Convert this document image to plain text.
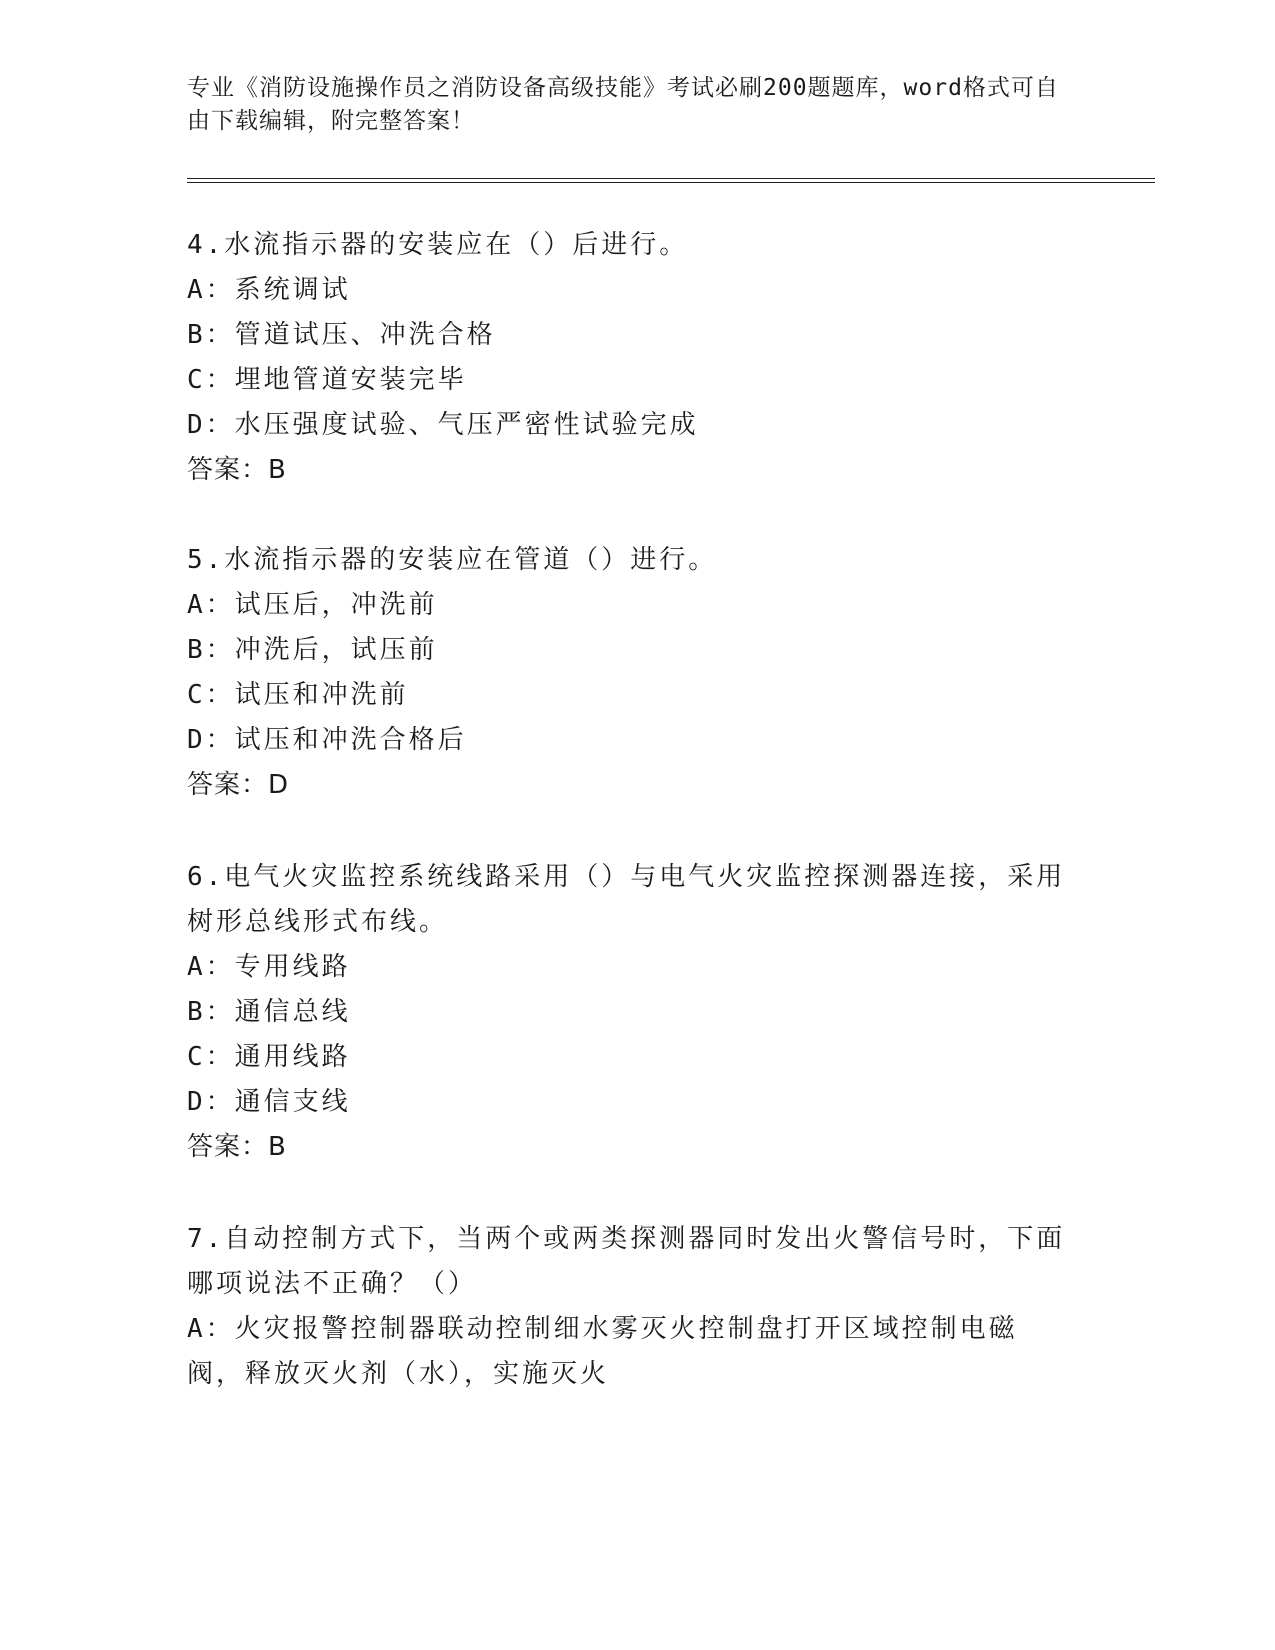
专业《消防设施操作员之消防设备高级技能》考试必刷200题题库，word格式可自由下载编辑，附完整答案！
4.水流指示器的安装应在（）后进行。
A：系统调试
B：管道试压、冲洗合格
C：埋地管道安装完毕
D：水压强度试验、气压严密性试验完成
答案：B
5.水流指示器的安装应在管道（）进行。
A：试压后，冲洗前
B：冲洗后，试压前
C：试压和冲洗前
D：试压和冲洗合格后
答案：D
6.电气火灾监控系统线路采用（）与电气火灾监控探测器连接，采用树形总线形式布线。
A：专用线路
B：通信总线
C：通用线路
D：通信支线
答案：B
7.自动控制方式下，当两个或两类探测器同时发出火警信号时，下面哪项说法不正确？（）
A：火灾报警控制器联动控制细水雾灭火控制盘打开区域控制电磁阀，释放灭火剂（水），实施灭火
